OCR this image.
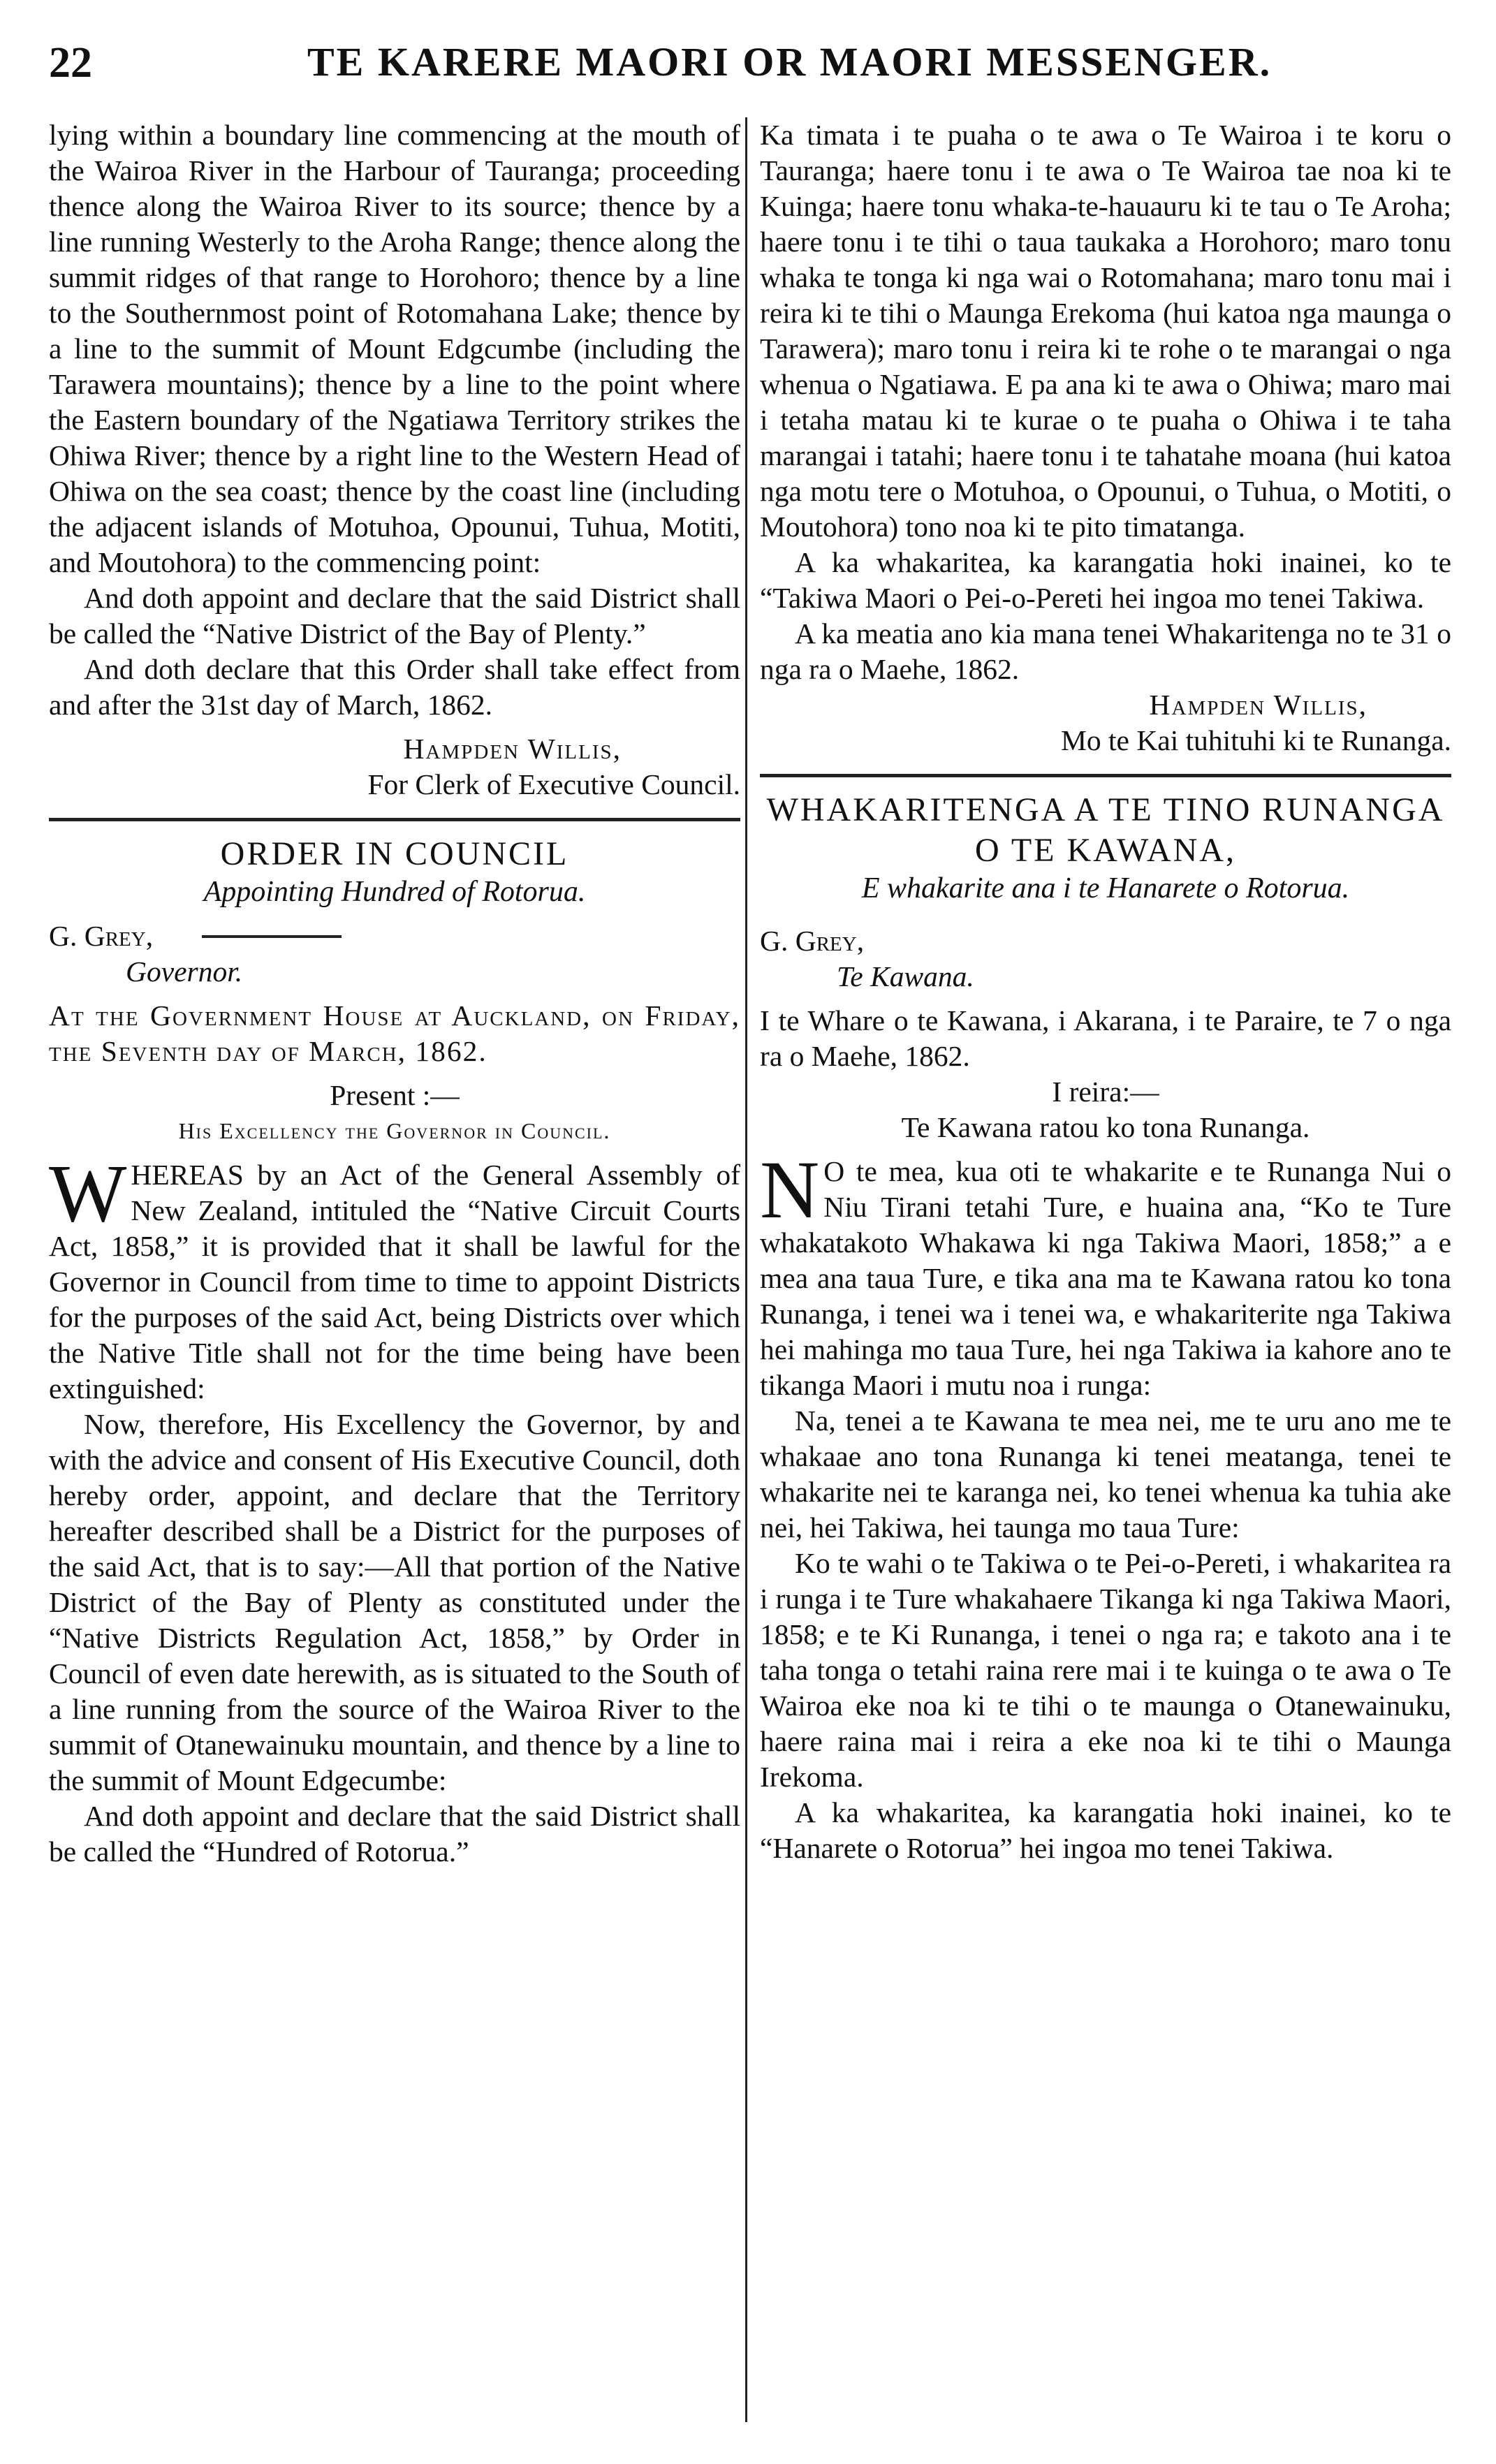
22	TE KARERE MAORI OR MAORI MESSENGER.

lying within a boundary line commencing at the mouth of the Wairoa River in the Harbour of Tauranga; proceeding thence along the Wairoa River to its source; thence by a line running Westerly to the Aroha Range; thence along the summit ridges of that range to Horohoro; thence by a line to the Southernmost point of Rotomahana Lake; thence by a line to the summit of Mount Edgcumbe (including the Tarawera mountains); thence by a line to the point where the Eastern boundary of the Ngatiawa Territory strikes the Ohiwa River; thence by a right line to the Western Head of Ohiwa on the sea coast; thence by the coast line (including the adjacent islands of Motuhoa, Opounui, Tuhua, Motiti, and Moutohora) to the commencing point:

And doth appoint and declare that the said District shall be called the “Native District of the Bay of Plenty.”

And doth declare that this Order shall take effect from and after the 31st day of March, 1862.

Hampden Willis,

For Clerk of Executive Council.

ORDER IN COUNCIL
Appointing Hundred of Rotorua.
G. Grey,

Governor.

At the Government House at Auckland, on Friday, the Seventh day of March, 1862.

Present :—

His Excellency the Governor in Council.

WHEREAS by an Act of the General Assembly of New Zealand, intituled the “Native Circuit Courts Act, 1858,” it is provided that it shall be lawful for the Governor in Council from time to time to appoint Districts for the purposes of the said Act, being Districts over which the Native Title shall not for the time being have been extinguished:

Now, therefore, His Excellency the Governor, by and with the advice and consent of His Executive Council, doth hereby order, appoint, and declare that the Territory hereafter described shall be a District for the purposes of the said Act, that is to say:—All that portion of the Native District of the Bay of Plenty as constituted under the “Native Districts Regulation Act, 1858,” by Order in Council of even date herewith, as is situated to the South of a line running from the source of the Wairoa River to the summit of Otanewainuku mountain, and thence by a line to the summit of Mount Edgecumbe:

And doth appoint and declare that the said District shall be called the “Hundred of Rotorua.”

Ka timata i te puaha o te awa o Te Wairoa i te koru o Tauranga; haere tonu i te awa o Te Wairoa tae noa ki te Kuinga; haere tonu whaka-te-hauauru ki te tau o Te Aroha; haere tonu i te tihi o taua taukaka a Horohoro; maro tonu whaka te tonga ki nga wai o Rotomahana; maro tonu mai i reira ki te tihi o Maunga Erekoma (hui katoa nga maunga o Tarawera); maro tonu i reira ki te rohe o te marangai o nga whenua o Ngatiawa. E pa ana ki te awa o Ohiwa; maro mai i tetaha matau ki te kurae o te puaha o Ohiwa i te taha marangai i tatahi; haere tonu i te tahatahe moana (hui katoa nga motu tere o Motuhoa, o Opounui, o Tuhua, o Motiti, o Moutohora) tono noa ki te pito timatanga.

A ka whakaritea, ka karangatia hoki inainei, ko te “Takiwa Maori o Pei-o-Pereti hei ingoa mo tenei Takiwa.

A ka meatia ano kia mana tenei Whakaritenga no te 31 o nga ra o Maehe, 1862.

Hampden Willis,

Mo te Kai tuhituhi ki te Runanga.

WHAKARITENGA A TE TINO RUNANGA O TE KAWANA,
E whakarite ana i te Hanarete o Rotorua.

G. Grey,

Te Kawana.

I te Whare o te Kawana, i Akarana, i te Paraire, te 7 o nga ra o Maehe, 1862.

I reira:—

Te Kawana ratou ko tona Runanga.

NO te mea, kua oti te whakarite e te Runanga Nui o Niu Tirani tetahi Ture, e huaina ana, “Ko te Ture whakatakoto Whakawa ki nga Takiwa Maori, 1858;” a e mea ana taua Ture, e tika ana ma te Kawana ratou ko tona Runanga, i tenei wa i tenei wa, e whakariterite nga Takiwa hei mahinga mo taua Ture, hei nga Takiwa ia kahore ano te tikanga Maori i mutu noa i runga:

Na, tenei a te Kawana te mea nei, me te uru ano me te whakaae ano tona Runanga ki tenei meatanga, tenei te whakarite nei te karanga nei, ko tenei whenua ka tuhia ake nei, hei Takiwa, hei taunga mo taua Ture:

Ko te wahi o te Takiwa o te Pei-o-Pereti, i whakaritea ra i runga i te Ture whakahaere Tikanga ki nga Takiwa Maori, 1858; e te Ki Runanga, i tenei o nga ra; e takoto ana i te taha tonga o tetahi raina rere mai i te kuinga o te awa o Te Wairoa eke noa ki te tihi o te maunga o Otanewainuku, haere raina mai i reira a eke noa ki te tihi o Maunga Irekoma.

A ka whakaritea, ka karangatia hoki inainei, ko te “Hanarete o Rotorua” hei ingoa mo tenei Takiwa.
